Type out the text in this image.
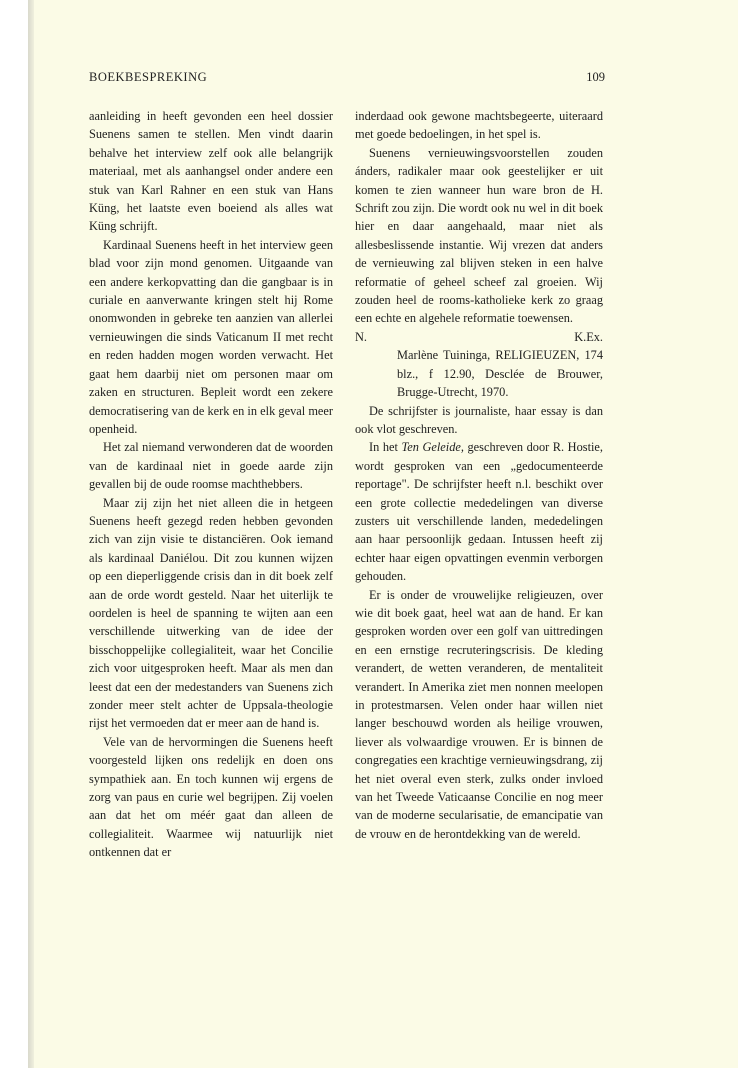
BOEKBESPREKING	109

aanleiding in heeft gevonden een heel dossier Suenens samen te stellen. Men vindt daarin behalve het interview zelf ook alle belangrijk materiaal, met als aanhangsel onder andere een stuk van Karl Rahner en een stuk van Hans Küng, het laatste even boeiend als alles wat Küng schrijft.

Kardinaal Suenens heeft in het interview geen blad voor zijn mond genomen. Uitgaande van een andere kerkopvatting dan die gangbaar is in curiale en aanverwante kringen stelt hij Rome onomwonden in gebreke ten aanzien van allerlei vernieuwingen die sinds Vaticanum II met recht en reden hadden mogen worden verwacht. Het gaat hem daarbij niet om personen maar om zaken en structuren. Bepleit wordt een zekere democratisering van de kerk en in elk geval meer openheid.

Het zal niemand verwonderen dat de woorden van de kardinaal niet in goede aarde zijn gevallen bij de oude roomse machthebbers.

Maar zij zijn het niet alleen die in hetgeen Suenens heeft gezegd reden hebben gevonden zich van zijn visie te distanciëren. Ook iemand als kardinaal Daniélou. Dit zou kunnen wijzen op een dieperliggende crisis dan in dit boek zelf aan de orde wordt gesteld. Naar het uiterlijk te oordelen is heel de spanning te wijten aan een verschillende uitwerking van de idee der bisschoppelijke collegialiteit, waar het Concilie zich voor uitgesproken heeft. Maar als men dan leest dat een der medestanders van Suenens zich zonder meer stelt achter de Uppsala-theologie rijst het vermoeden dat er meer aan de hand is.

Vele van de hervormingen die Suenens heeft voorgesteld lijken ons redelijk en doen ons sympathiek aan. En toch kunnen wij ergens de zorg van paus en curie wel begrijpen. Zij voelen aan dat het om méér gaat dan alleen de collegialiteit. Waarmee wij natuurlijk niet ontkennen dat er

inderdaad ook gewone machtsbegeerte, uiteraard met goede bedoelingen, in het spel is.

Suenens vernieuwingsvoorstellen zouden ánders, radikaler maar ook geestelijker er uit komen te zien wanneer hun ware bron de H. Schrift zou zijn. Die wordt ook nu wel in dit boek hier en daar aangehaald, maar niet als allesbeslissende instantie. Wij vrezen dat anders de vernieuwing zal blijven steken in een halve reformatie of geheel scheef zal groeien. Wij zouden heel de rooms-katholieke kerk zo graag een echte en algehele reformatie toewensen.

N.	K.Ex.

Marlène Tuininga, RELIGIEUZEN, 174 blz., f 12.90, Desclée de Brouwer, Brugge-Utrecht, 1970.

De schrijfster is journaliste, haar essay is dan ook vlot geschreven.

In het Ten Geleide, geschreven door R. Hostie, wordt gesproken van een „gedocumenteerde reportage". De schrijfster heeft n.l. beschikt over een grote collectie mededelingen van diverse zusters uit verschillende landen, mededelingen aan haar persoonlijk gedaan. Intussen heeft zij echter haar eigen opvattingen evenmin verborgen gehouden.

Er is onder de vrouwelijke religieuzen, over wie dit boek gaat, heel wat aan de hand. Er kan gesproken worden over een golf van uittredingen en een ernstige recruteringscrisis. De kleding verandert, de wetten veranderen, de mentaliteit verandert. In Amerika ziet men nonnen meelopen in protestmarsen. Velen onder haar willen niet langer beschouwd worden als heilige vrouwen, liever als volwaardige vrouwen. Er is binnen de congregaties een krachtige vernieuwingsdrang, zij het niet overal even sterk, zulks onder invloed van het Tweede Vaticaanse Concilie en nog meer van de moderne secularisatie, de emancipatie van de vrouw en de herontdekking van de wereld.
